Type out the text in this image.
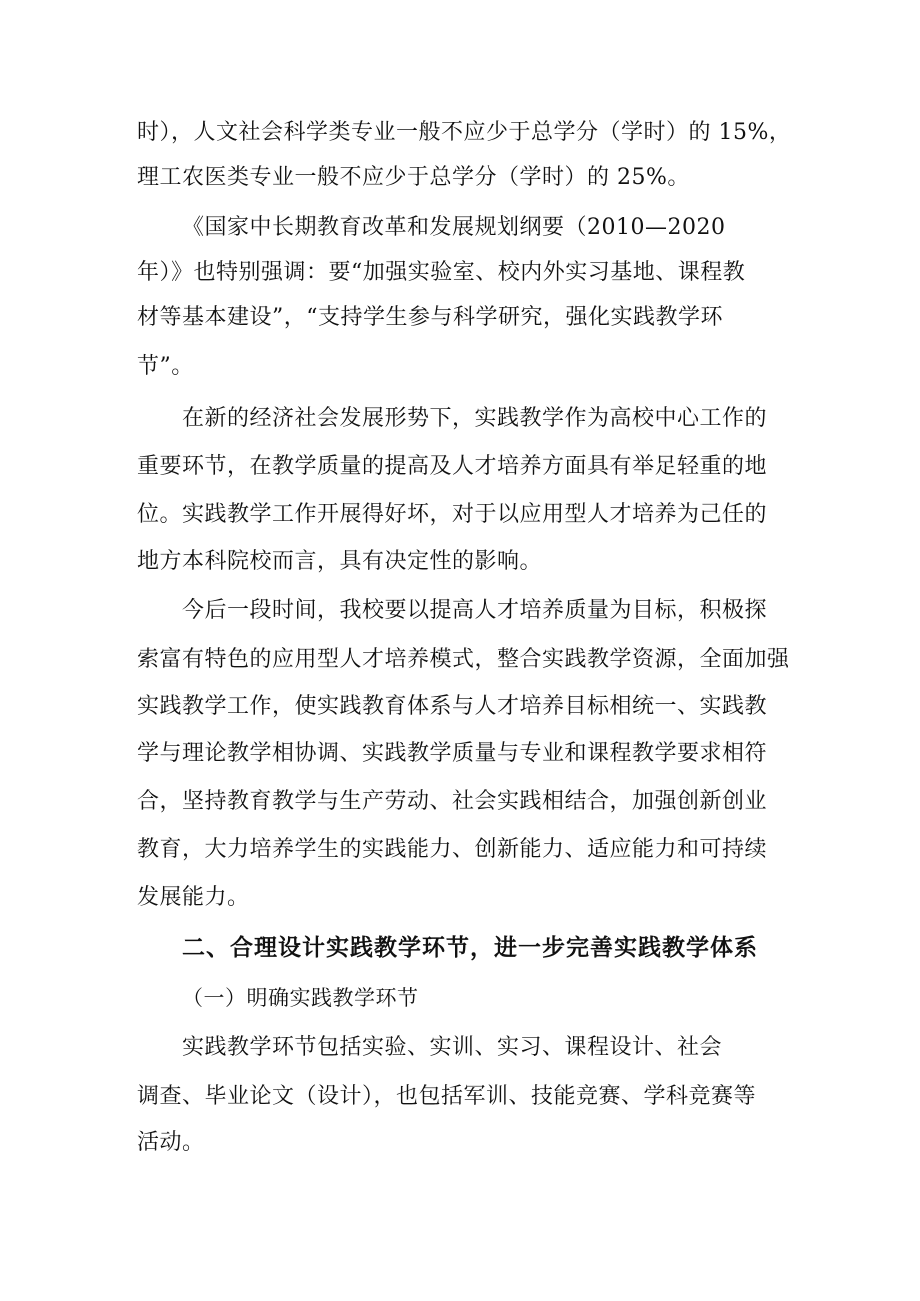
时），人文社会科学类专业一般不应少于总学分（学时）的 15%，
理工农医类专业一般不应少于总学分（学时）的 25%。
《国家中长期教育改革和发展规划纲要（2010—2020
年）》也特别强调：要“加强实验室、校内外实习基地、课程教
材等基本建设”，“支持学生参与科学研究，强化实践教学环
节”。
在新的经济社会发展形势下，实践教学作为高校中心工作的
重要环节，在教学质量的提高及人才培养方面具有举足轻重的地
位。实践教学工作开展得好坏，对于以应用型人才培养为己任的
地方本科院校而言，具有决定性的影响。
今后一段时间，我校要以提高人才培养质量为目标，积极探
索富有特色的应用型人才培养模式，整合实践教学资源，全面加强
实践教学工作，使实践教育体系与人才培养目标相统一、实践教
学与理论教学相协调、实践教学质量与专业和课程教学要求相符
合，坚持教育教学与生产劳动、社会实践相结合，加强创新创业
教育，大力培养学生的实践能力、创新能力、适应能力和可持续
发展能力。
二、合理设计实践教学环节，进一步完善实践教学体系
（一）明确实践教学环节
实践教学环节包括实验、实训、实习、课程设计、社会
调查、毕业论文（设计），也包括军训、技能竞赛、学科竞赛等
活动。
